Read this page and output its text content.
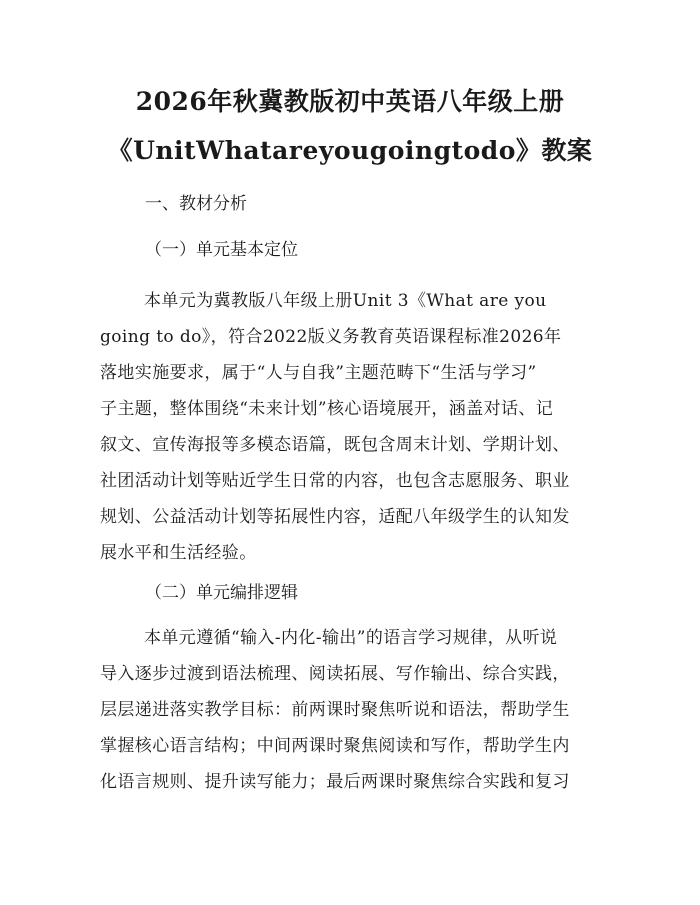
2026年秋冀教版初中英语八年级上册
《UnitWhatareyougoingtodo》教案
一、教材分析
（一）单元基本定位
本单元为冀教版八年级上册Unit 3《What are you
going to do》，符合2022版义务教育英语课程标准2026年
落地实施要求，属于“人与自我”主题范畴下“生活与学习”
子主题，整体围绕“未来计划”核心语境展开，涵盖对话、记
叙文、宣传海报等多模态语篇，既包含周末计划、学期计划、
社团活动计划等贴近学生日常的内容，也包含志愿服务、职业
规划、公益活动计划等拓展性内容，适配八年级学生的认知发
展水平和生活经验。
（二）单元编排逻辑
本单元遵循“输入-内化-输出”的语言学习规律，从听说
导入逐步过渡到语法梳理、阅读拓展、写作输出、综合实践，
层层递进落实教学目标：前两课时聚焦听说和语法，帮助学生
掌握核心语言结构；中间两课时聚焦阅读和写作，帮助学生内
化语言规则、提升读写能力；最后两课时聚焦综合实践和复习
